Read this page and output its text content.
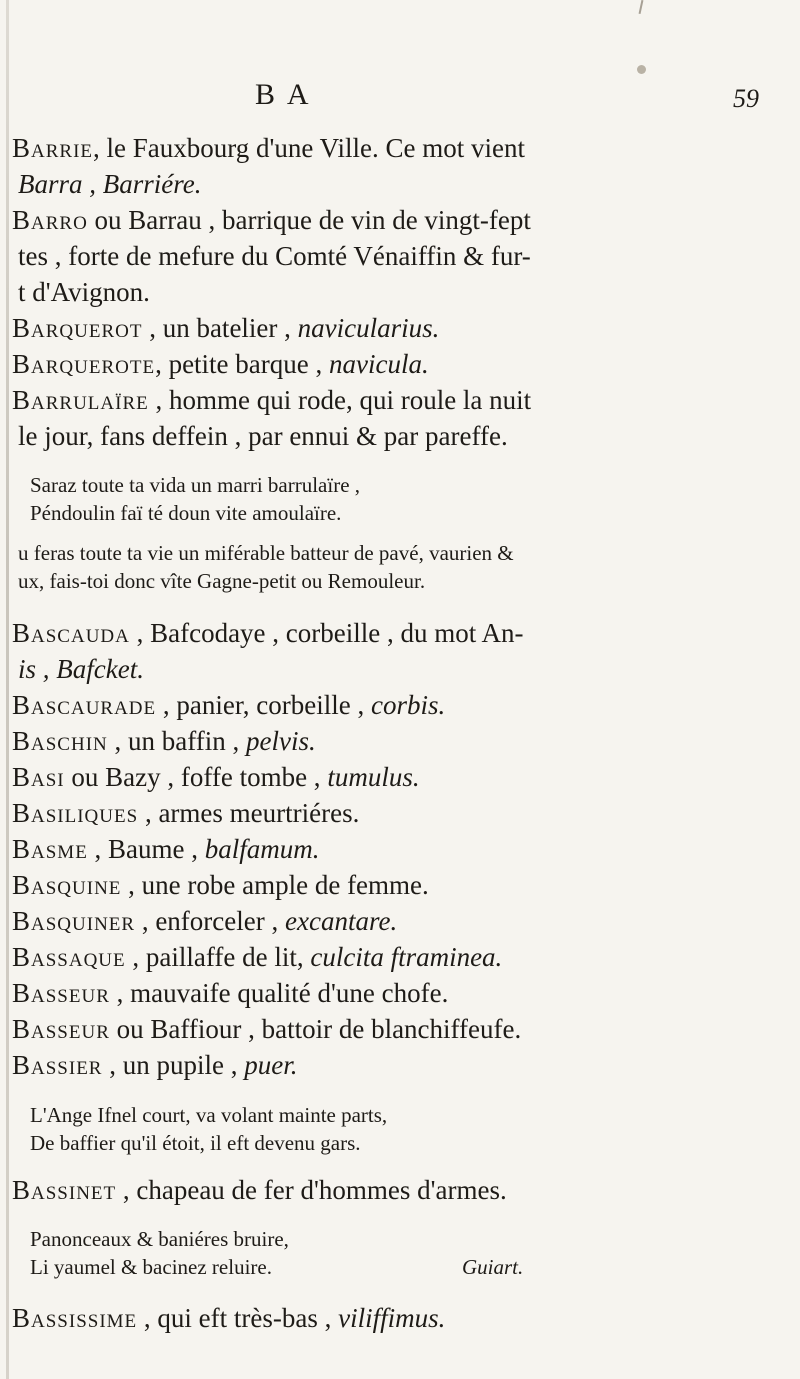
B A	59
Barrie, le Fauxbourg d'une Ville. Ce mot vient
Barra , Barriére.
Barro ou Barrau , barrique de vin de vingt-fept
tes , forte de mefure du Comté Vénaiffin & fur-
t d'Avignon.
Barquerot , un batelier , navicularius.
Barquerote, petite barque , navicula.
Barrulaïre , homme qui rode, qui roule la nuit
le jour, fans deffein , par ennui & par pareffe.
Saraz toute ta vida un marri barrulaïre ,
Péndoulin faï té doun vite amoulaïre.
u feras toute ta vie un miférable batteur de pavé, vaurien &
ux, fais-toi donc vîte Gagne-petit ou Remouleur.
Bascauda , Bafcodaye , corbeille , du mot An-
is , Bafcket.
Bascaurade , panier, corbeille , corbis.
Baschin , un baffin , pelvis.
Basi ou Bazy , foffe tombe , tumulus.
Basiliques , armes meurtriéres.
Basme , Baume , balfamum.
Basquine , une robe ample de femme.
Basquiner , enforceler , excantare.
Bassaque , paillaffe de lit, culcita ftraminea.
Basseur , mauvaife qualité d'une chofe.
Basseur ou Baffiour , battoir de blanchiffeufe.
Bassier , un pupile , puer.
L'Ange Ifnel court, va volant mainte parts,
De baffier qu'il étoit, il eft devenu gars.
Bassinet , chapeau de fer d'hommes d'armes.
Panonceaux & baniéres bruire,
Li yaumel & bacinez reluire.	Guiart.
Bassissime , qui eft très-bas , viliffimus.
